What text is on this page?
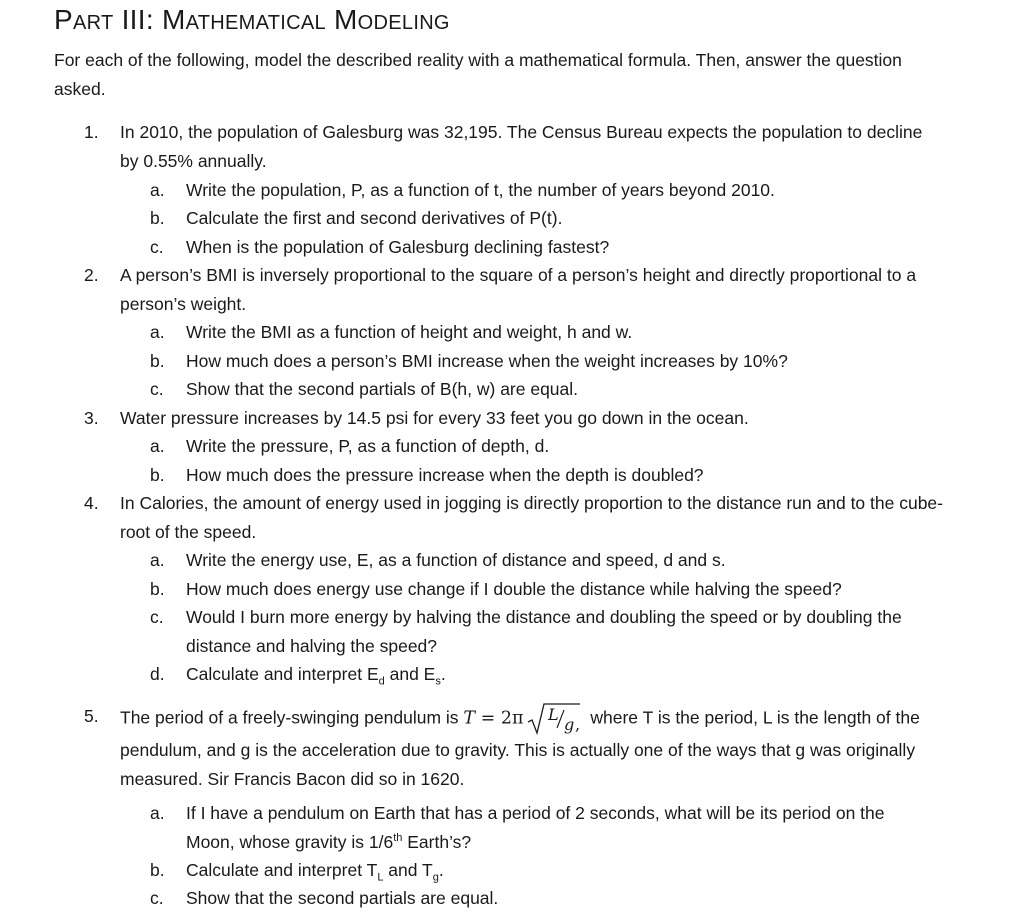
Part III: Mathematical Modeling

For each of the following, model the described reality with a mathematical formula. Then, answer the question asked.

1.	In 2010, the population of Galesburg was 32,195. The Census Bureau expects the population to decline by 0.55% annually.
a.	Write the population, P, as a function of t, the number of years beyond 2010.
b.	Calculate the first and second derivatives of P(t).
c.	When is the population of Galesburg declining fastest?
2.	A person’s BMI is inversely proportional to the square of a person’s height and directly proportional to a person’s weight.
a.	Write the BMI as a function of height and weight, h and w.
b.	How much does a person’s BMI increase when the weight increases by 10%?
c.	Show that the second partials of B(h, w) are equal.
3.	Water pressure increases by 14.5 psi for every 33 feet you go down in the ocean.
a.	Write the pressure, P, as a function of depth, d.
b.	How much does the pressure increase when the depth is doubled?
4.	In Calories, the amount of energy used in jogging is directly proportion to the distance run and to the cube-root of the speed.
a.	Write the energy use, E, as a function of distance and speed, d and s.
b.	How much does energy use change if I double the distance while halving the speed?
c.	Would I burn more energy by halving the distance and doubling the speed or by doubling the distance and halving the speed?
d.	Calculate and interpret $E_d$ and $E_s$.
5.	The period of a freely-swinging pendulum is T = 2π L
g , where T is the period, L is the length of the pendulum, and g is the acceleration due to gravity. This is actually one of the ways that g was originally measured. Sir Francis Bacon did so in 1620.
a.	If I have a pendulum on Earth that has a period of 2 seconds, what will be its period on the Moon, whose gravity is 1/6th Earth’s?
b.	Calculate and interpret $T_L$ and $T_g$.
c.	Show that the second partials are equal.
